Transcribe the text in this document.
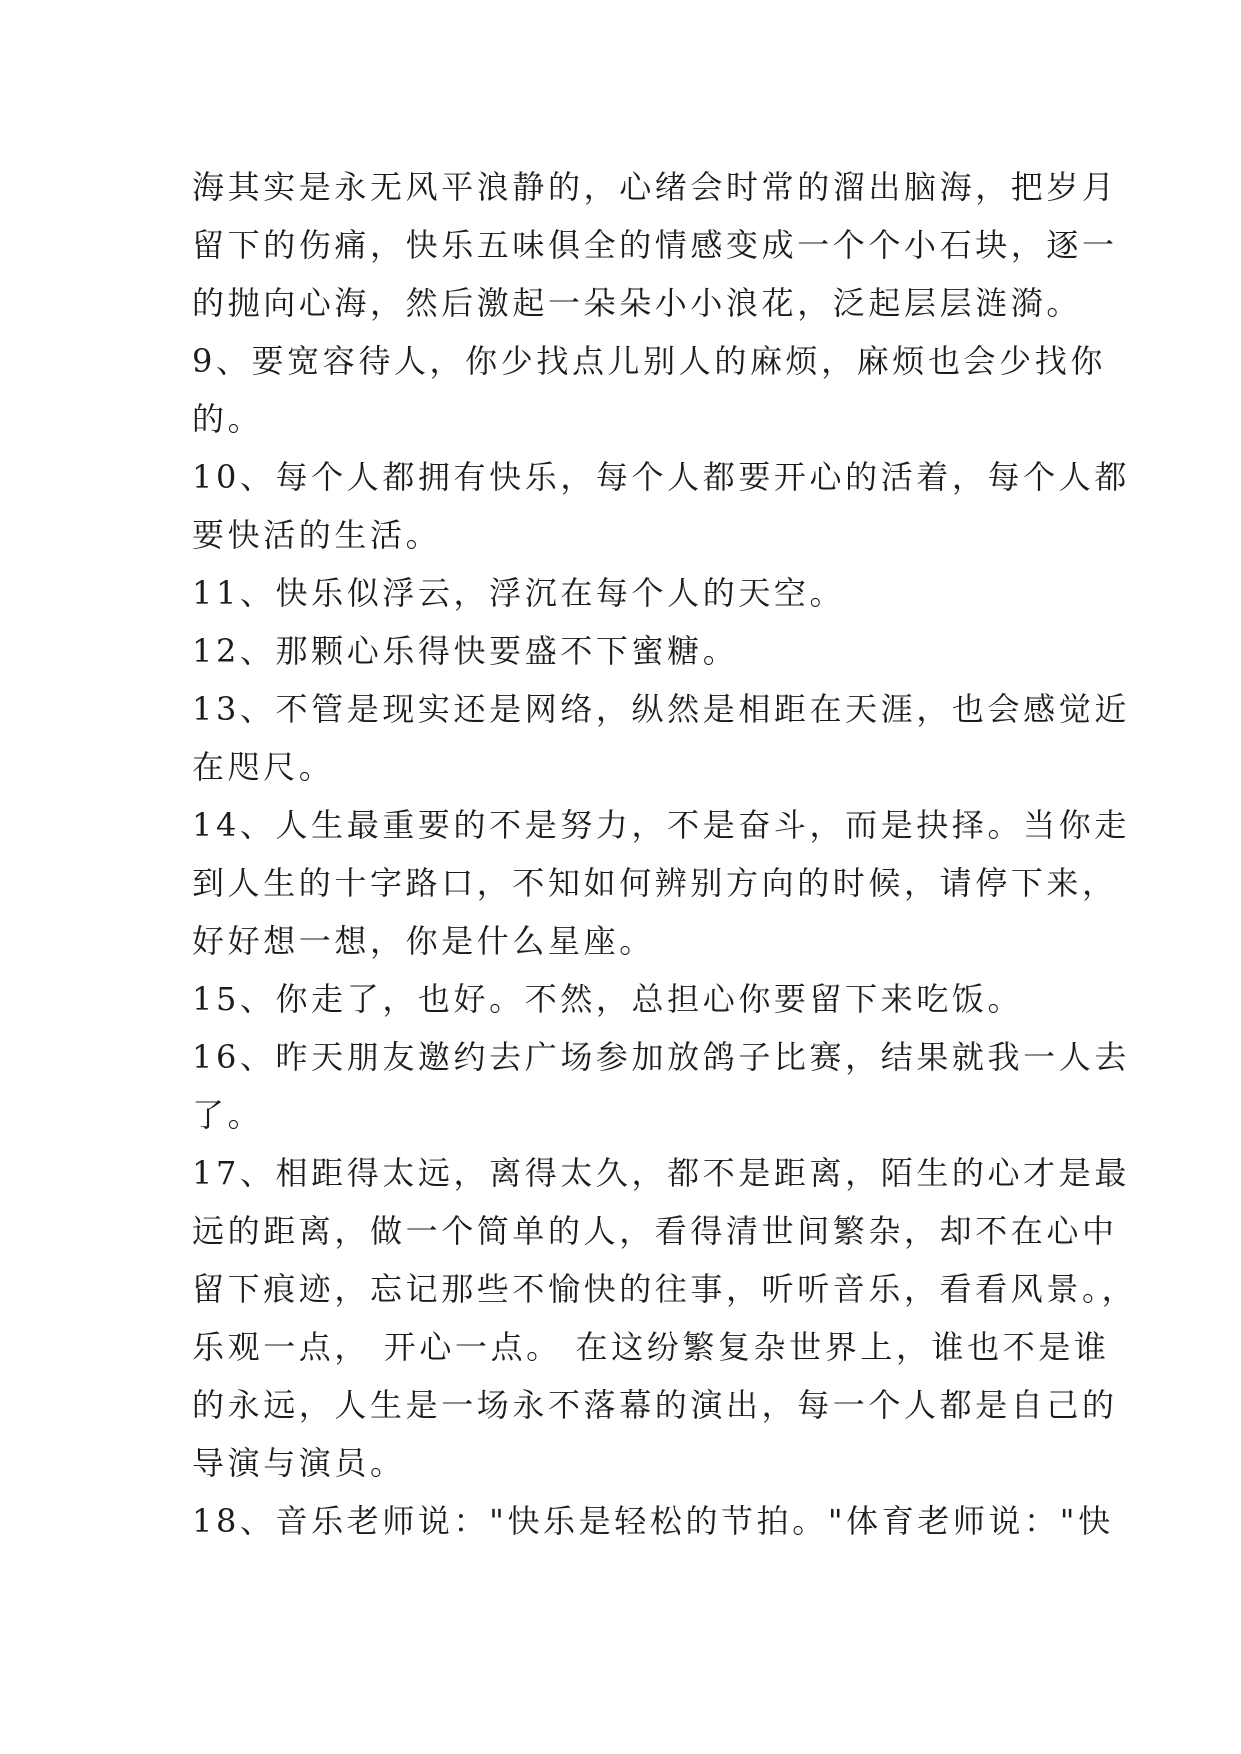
海其实是永无风平浪静的，心绪会时常的溜出脑海，把岁月
留下的伤痛，快乐五味俱全的情感变成一个个小石块，逐一
的抛向心海，然后激起一朵朵小小浪花，泛起层层涟漪。
9、要宽容待人，你少找点儿别人的麻烦，麻烦也会少找你
的。
10、每个人都拥有快乐，每个人都要开心的活着，每个人都
要快活的生活。
11、快乐似浮云，浮沉在每个人的天空。
12、那颗心乐得快要盛不下蜜糖。
13、不管是现实还是网络，纵然是相距在天涯，也会感觉近
在咫尺。
14、人生最重要的不是努力，不是奋斗，而是抉择。当你走
到人生的十字路口，不知如何辨别方向的时候，请停下来，
好好想一想，你是什么星座。
15、你走了，也好。不然，总担心你要留下来吃饭。
16、昨天朋友邀约去广场参加放鸽子比赛，结果就我一人去
了。
17、相距得太远，离得太久，都不是距离，陌生的心才是最
远的距离，做一个简单的人，看得清世间繁杂，却不在心中
留下痕迹，忘记那些不愉快的往事，听听音乐，看看风景。，
乐观一点， 开心一点。 在这纷繁复杂世界上，谁也不是谁
的永远，人生是一场永不落幕的演出，每一个人都是自己的
导演与演员。
18、音乐老师说："快乐是轻松的节拍。"体育老师说："快
